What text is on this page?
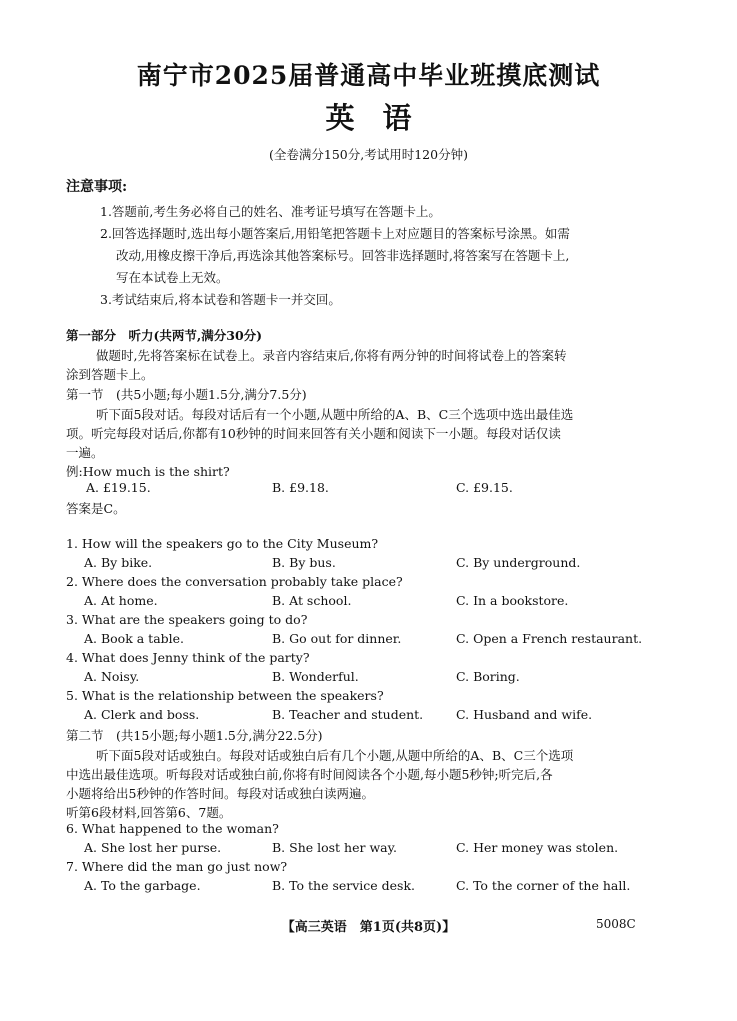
南宁市2025届普通高中毕业班摸底测试
英语
(全卷满分150分,考试用时120分钟)
注意事项:
1.答题前,考生务必将自己的姓名、准考证号填写在答题卡上。
2.回答选择题时,选出每小题答案后,用铅笔把答题卡上对应题目的答案标号涂黑。如需
改动,用橡皮擦干净后,再选涂其他答案标号。回答非选择题时,将答案写在答题卡上,
写在本试卷上无效。
3.考试结束后,将本试卷和答题卡一并交回。
第一部分　听力(共两节,满分30分)
做题时,先将答案标在试卷上。录音内容结束后,你将有两分钟的时间将试卷上的答案转
涂到答题卡上。
第一节　(共5小题;每小题1.5分,满分7.5分)
听下面5段对话。每段对话后有一个小题,从题中所给的A、B、C三个选项中选出最佳选
项。听完每段对话后,你都有10秒钟的时间来回答有关小题和阅读下一小题。每段对话仅读
一遍。
例:How much is the shirt?
A. £19.15.	B. £9.18.	C. £9.15.
答案是C。
1. How will the speakers go to the City Museum?
A. By bike.	B. By bus.	C. By underground.
2. Where does the conversation probably take place?
A. At home.	B. At school.	C. In a bookstore.
3. What are the speakers going to do?
A. Book a table.	B. Go out for dinner.	C. Open a French restaurant.
4. What does Jenny think of the party?
A. Noisy.	B. Wonderful.	C. Boring.
5. What is the relationship between the speakers?
A. Clerk and boss.	B. Teacher and student.	C. Husband and wife.
第二节　(共15小题;每小题1.5分,满分22.5分)
听下面5段对话或独白。每段对话或独白后有几个小题,从题中所给的A、B、C三个选项
中选出最佳选项。听每段对话或独白前,你将有时间阅读各个小题,每小题5秒钟;听完后,各
小题将给出5秒钟的作答时间。每段对话或独白读两遍。
听第6段材料,回答第6、7题。
6. What happened to the woman?
A. She lost her purse.	B. She lost her way.	C. Her money was stolen.
7. Where did the man go just now?
A. To the garbage.	B. To the service desk.	C. To the corner of the hall.
【高三英语　第1页(共8页)】	5008C
